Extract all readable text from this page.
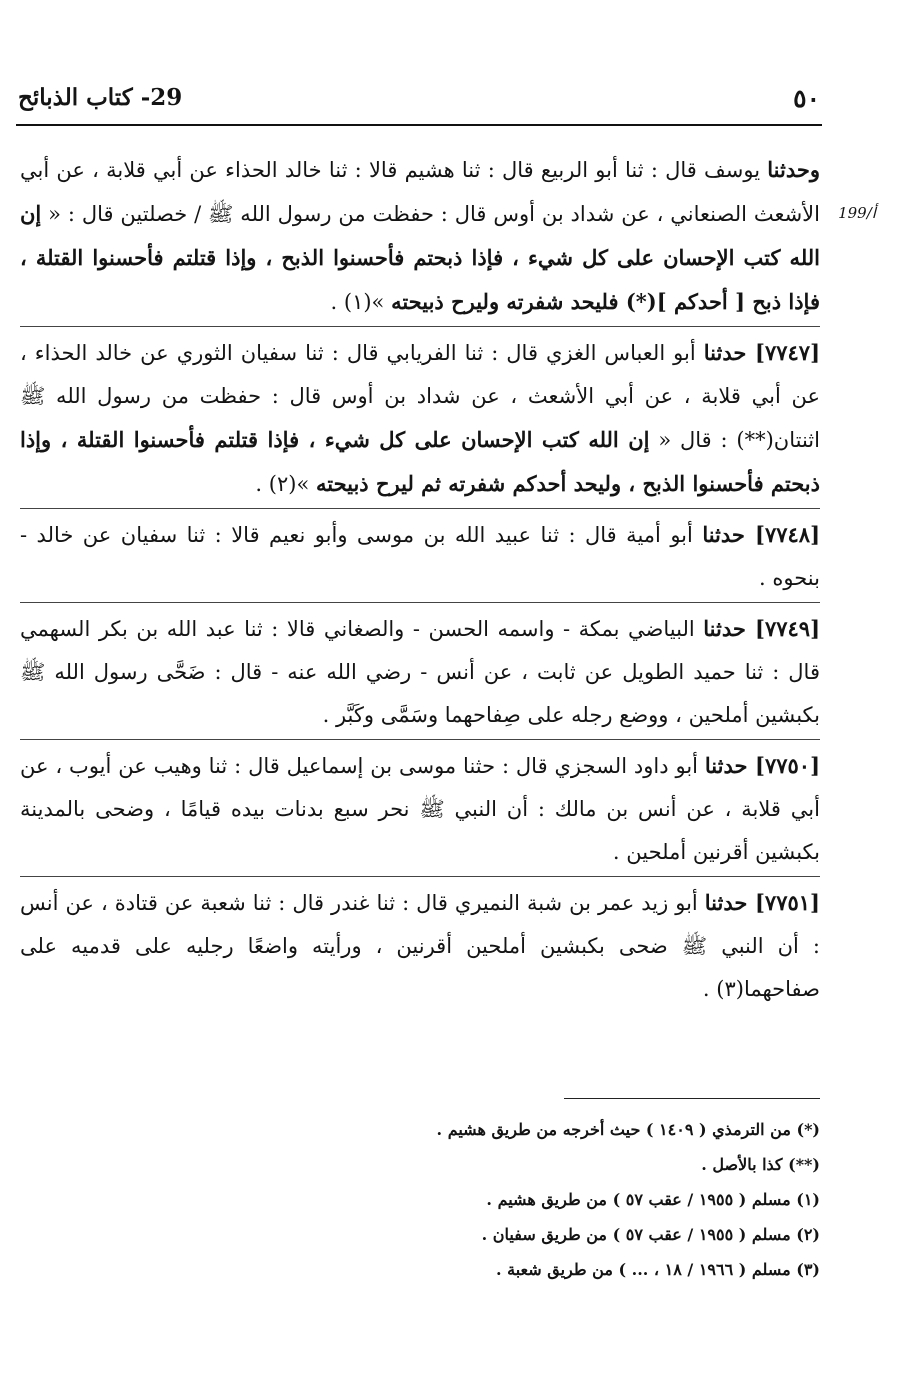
٥٠
29- كتاب الذبائح
199/أ

وحدثنا يوسف قال : ثنا أبو الربيع قال : ثنا هشيم قالا : ثنا خالد الحذاء عن أبي قلابة ، عن أبي الأشعث الصنعاني ، عن شداد بن أوس قال : حفظت من رسول الله ﷺ / خصلتين قال : « إن الله كتب الإحسان على كل شيء ، فإذا ذبحتم فأحسنوا الذبح ، وإذا قتلتم فأحسنوا القتلة ، فإذا ذبح [ أحدكم ](*) فليحد شفرته وليرح ذبيحته »(١) .

[٧٧٤٧] حدثنا أبو العباس الغزي قال : ثنا الفريابي قال : ثنا سفيان الثوري عن خالد الحذاء ، عن أبي قلابة ، عن أبي الأشعث ، عن شداد بن أوس قال : حفظت من رسول الله ﷺ اثنتان(**) : قال « إن الله كتب الإحسان على كل شيء ، فإذا قتلتم فأحسنوا القتلة ، وإذا ذبحتم فأحسنوا الذبح ، وليحد أحدكم شفرته ثم ليرح ذبيحته »(٢) .

[٧٧٤٨] حدثنا أبو أمية قال : ثنا عبيد الله بن موسى وأبو نعيم قالا : ثنا سفيان عن خالد - بنحوه .

[٧٧٤٩] حدثنا البياضي بمكة - واسمه الحسن - والصغاني قالا : ثنا عبد الله بن بكر السهمي قال : ثنا حميد الطويل عن ثابت ، عن أنس - رضي الله عنه - قال : ضَحَّى رسول الله ﷺ بكبشين أملحين ، ووضع رجله على صِفاحهما وسَمَّى وكَبَّر .

[٧٧٥٠] حدثنا أبو داود السجزي قال : حثنا موسى بن إسماعيل قال : ثنا وهيب عن أيوب ، عن أبي قلابة ، عن أنس بن مالك : أن النبي ﷺ نحر سبع بدنات بيده قيامًا ، وضحى بالمدينة بكبشين أقرنين أملحين .

[٧٧٥١] حدثنا أبو زيد عمر بن شبة النميري قال : ثنا غندر قال : ثنا شعبة عن قتادة ، عن أنس : أن النبي ﷺ ضحى بكبشين أملحين أقرنين ، ورأيته واضعًا رجليه على قدميه على صفاحهما(٣) .

(*) من الترمذي ( ١٤٠٩ ) حيث أخرجه من طريق هشيم .

(**) كذا بالأصل .

(١) مسلم ( ١٩٥٥ / عقب ٥٧ ) من طريق هشيم .

(٢) مسلم ( ١٩٥٥ / عقب ٥٧ ) من طريق سفيان .

(٣) مسلم ( ١٩٦٦ / ١٨ ، ... ) من طريق شعبة .
